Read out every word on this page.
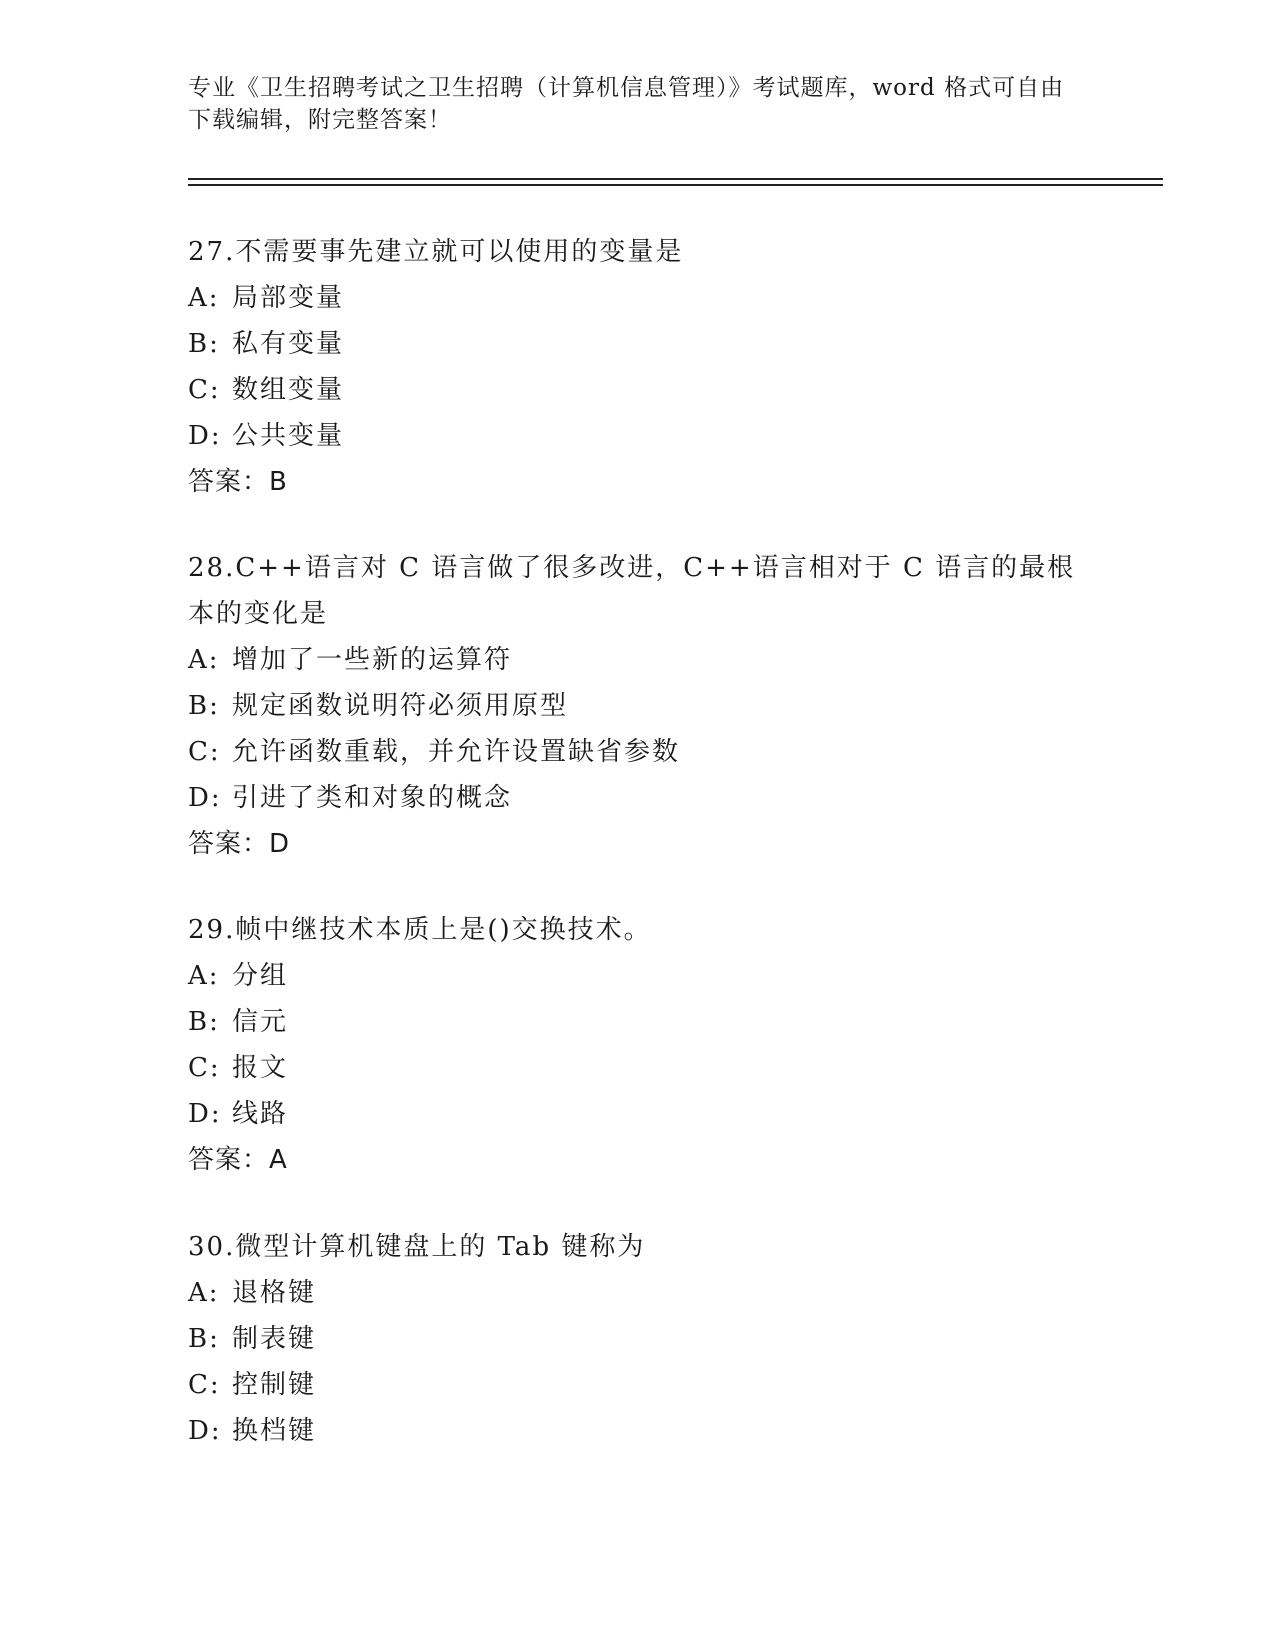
专业《卫生招聘考试之卫生招聘（计算机信息管理）》考试题库，word 格式可自由下载编辑，附完整答案！
27.不需要事先建立就可以使用的变量是
A: 局部变量
B: 私有变量
C: 数组变量
D: 公共变量
答案：B
28.C++语言对 C 语言做了很多改进，C++语言相对于 C 语言的最根本的变化是
A: 增加了一些新的运算符
B: 规定函数说明符必须用原型
C: 允许函数重载，并允许设置缺省参数
D: 引进了类和对象的概念
答案：D
29.帧中继技术本质上是()交换技术。
A: 分组
B: 信元
C: 报文
D: 线路
答案：A
30.微型计算机键盘上的 Tab 键称为
A: 退格键
B: 制表键
C: 控制键
D: 换档键
